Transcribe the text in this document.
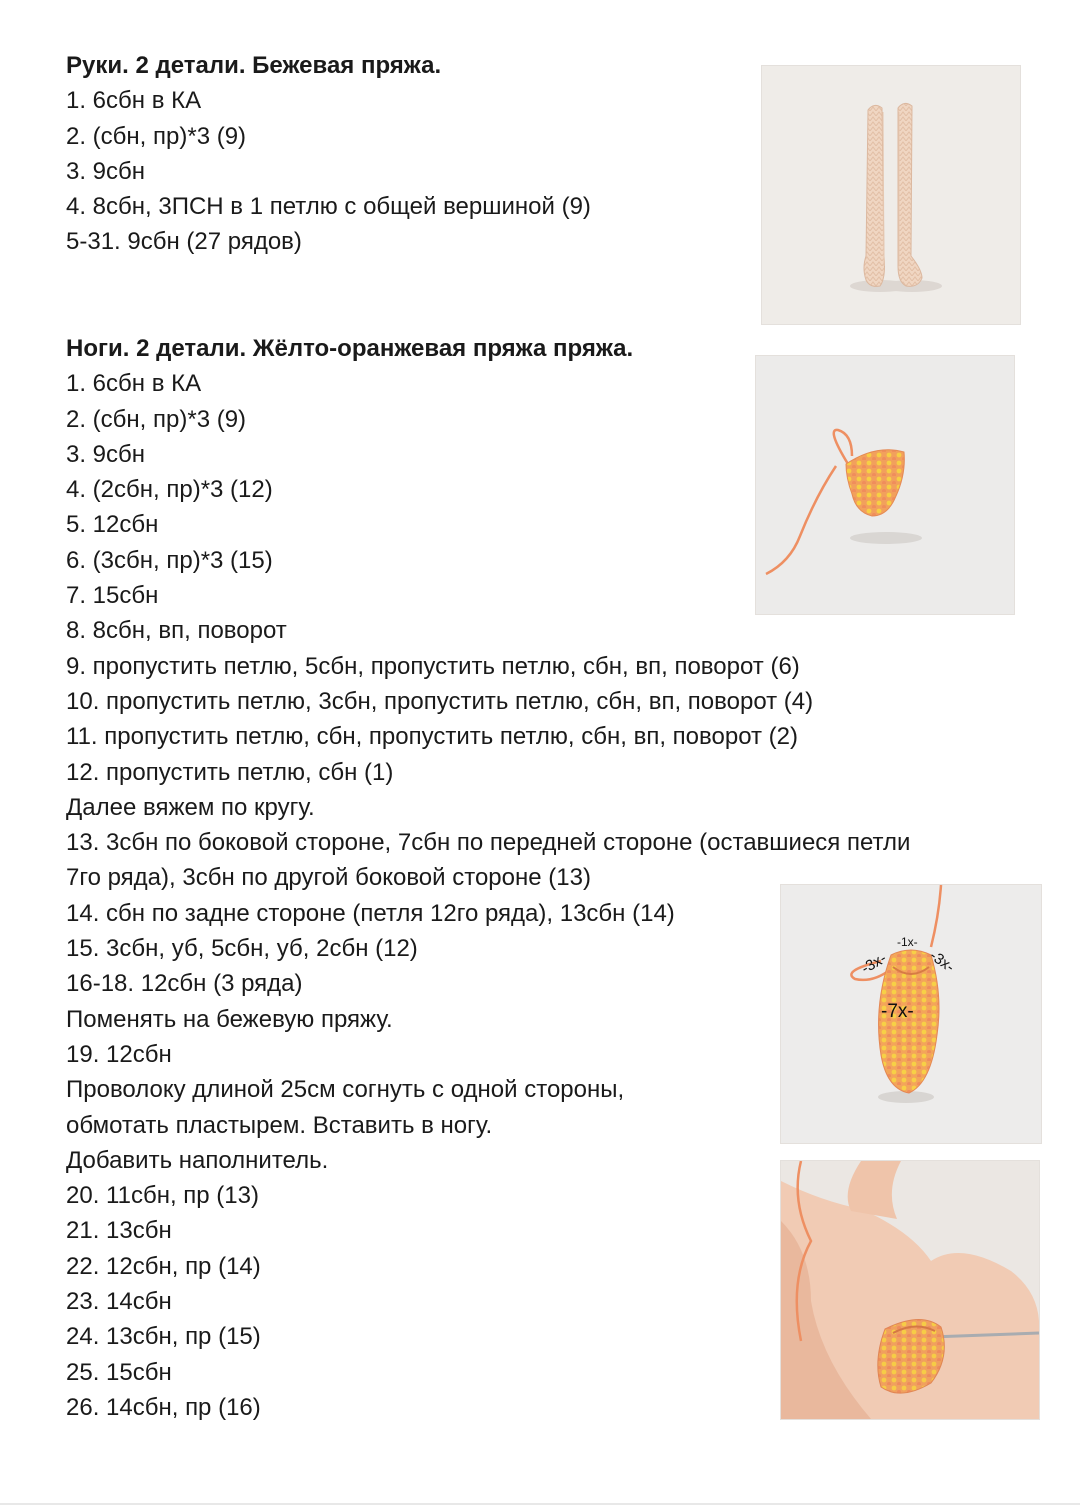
Руки. 2 детали. Бежевая пряжа.
1. 6сбн в КА
2. (сбн, пр)*3 (9)
3. 9сбн
4. 8сбн, 3ПСН в 1 петлю с общей вершиной (9)
5-31. 9сбн (27 рядов)
Ноги. 2 детали. Жёлто-оранжевая пряжа пряжа.
1. 6сбн в КА
2. (сбн, пр)*3 (9)
3. 9сбн
4. (2сбн, пр)*3 (12)
5. 12сбн
6. (3сбн, пр)*3 (15)
7. 15сбн
8. 8сбн, вп, поворот
9. пропустить петлю, 5сбн, пропустить петлю, сбн, вп, поворот (6)
10. пропустить петлю, 3сбн, пропустить петлю, сбн, вп, поворот (4)
11. пропустить петлю, сбн, пропустить петлю, сбн, вп, поворот (2)
12. пропустить петлю, сбн (1)
Далее вяжем по кругу.
13. 3сбн по боковой стороне, 7сбн по передней стороне (оставшиеся петли
7го ряда), 3сбн по другой боковой стороне (13)
14. сбн по задне стороне (петля 12го ряда), 13сбн (14)
15. 3сбн, уб, 5сбн, уб, 2сбн (12)
16-18. 12сбн (3 ряда)
Поменять на бежевую пряжу.
19. 12сбн
Проволоку длиной 25см согнуть с одной стороны,
обмотать пластырем. Вставить в ногу.
Добавить наполнитель.
20. 11сбн, пр (13)
21. 13сбн
22. 12сбн, пр (14)
23. 14сбн
24. 13сбн, пр (15)
25. 15сбн
26. 14сбн, пр (16)
-3x-
-1x-
-3x-
-7x-
